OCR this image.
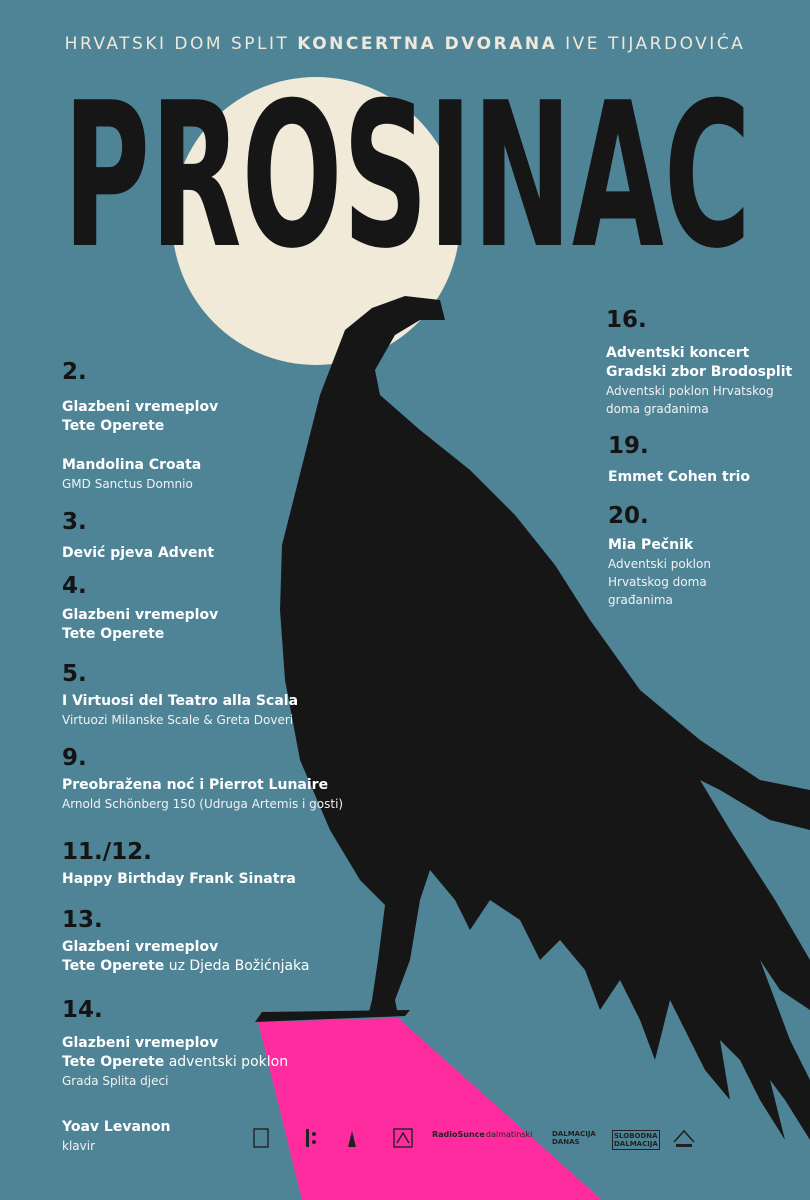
HRVATSKI DOM SPLIT KONCERTNA DVORANA IVE TIJARDOVIĆA
PROSINAC
2.
Glazbeni vremeplov
Tete Operete
Mandolina Croata
GMD Sanctus Domnio
3.
Dević pjeva Advent
4.
Glazbeni vremeplov
Tete Operete
5.
I Virtuosi del Teatro alla Scala
Virtuozi Milanske Scale & Greta Doveri
9.
Preobražena noć i Pierrot Lunaire
Arnold Schönberg 150 (Udruga Artemis i gosti)
11./12.
Happy Birthday Frank Sinatra
13.
Glazbeni vremeplov
Tete Operete uz Djeda Božićnjaka
14.
Glazbeni vremeplov
Tete Operete adventski poklon
Grada Splita djeci
Yoav Levanon
klavir
16.
Adventski koncert
Gradski zbor Brodosplit
Adventski poklon Hrvatskog
doma građanima
19.
Emmet Cohen trio
20.
Mia Pečnik
Adventski poklon
Hrvatskog doma
građanima
RadioSunce dalmatinski	DALMACIJA DANAS
SLOBODNA DALMACIJA
